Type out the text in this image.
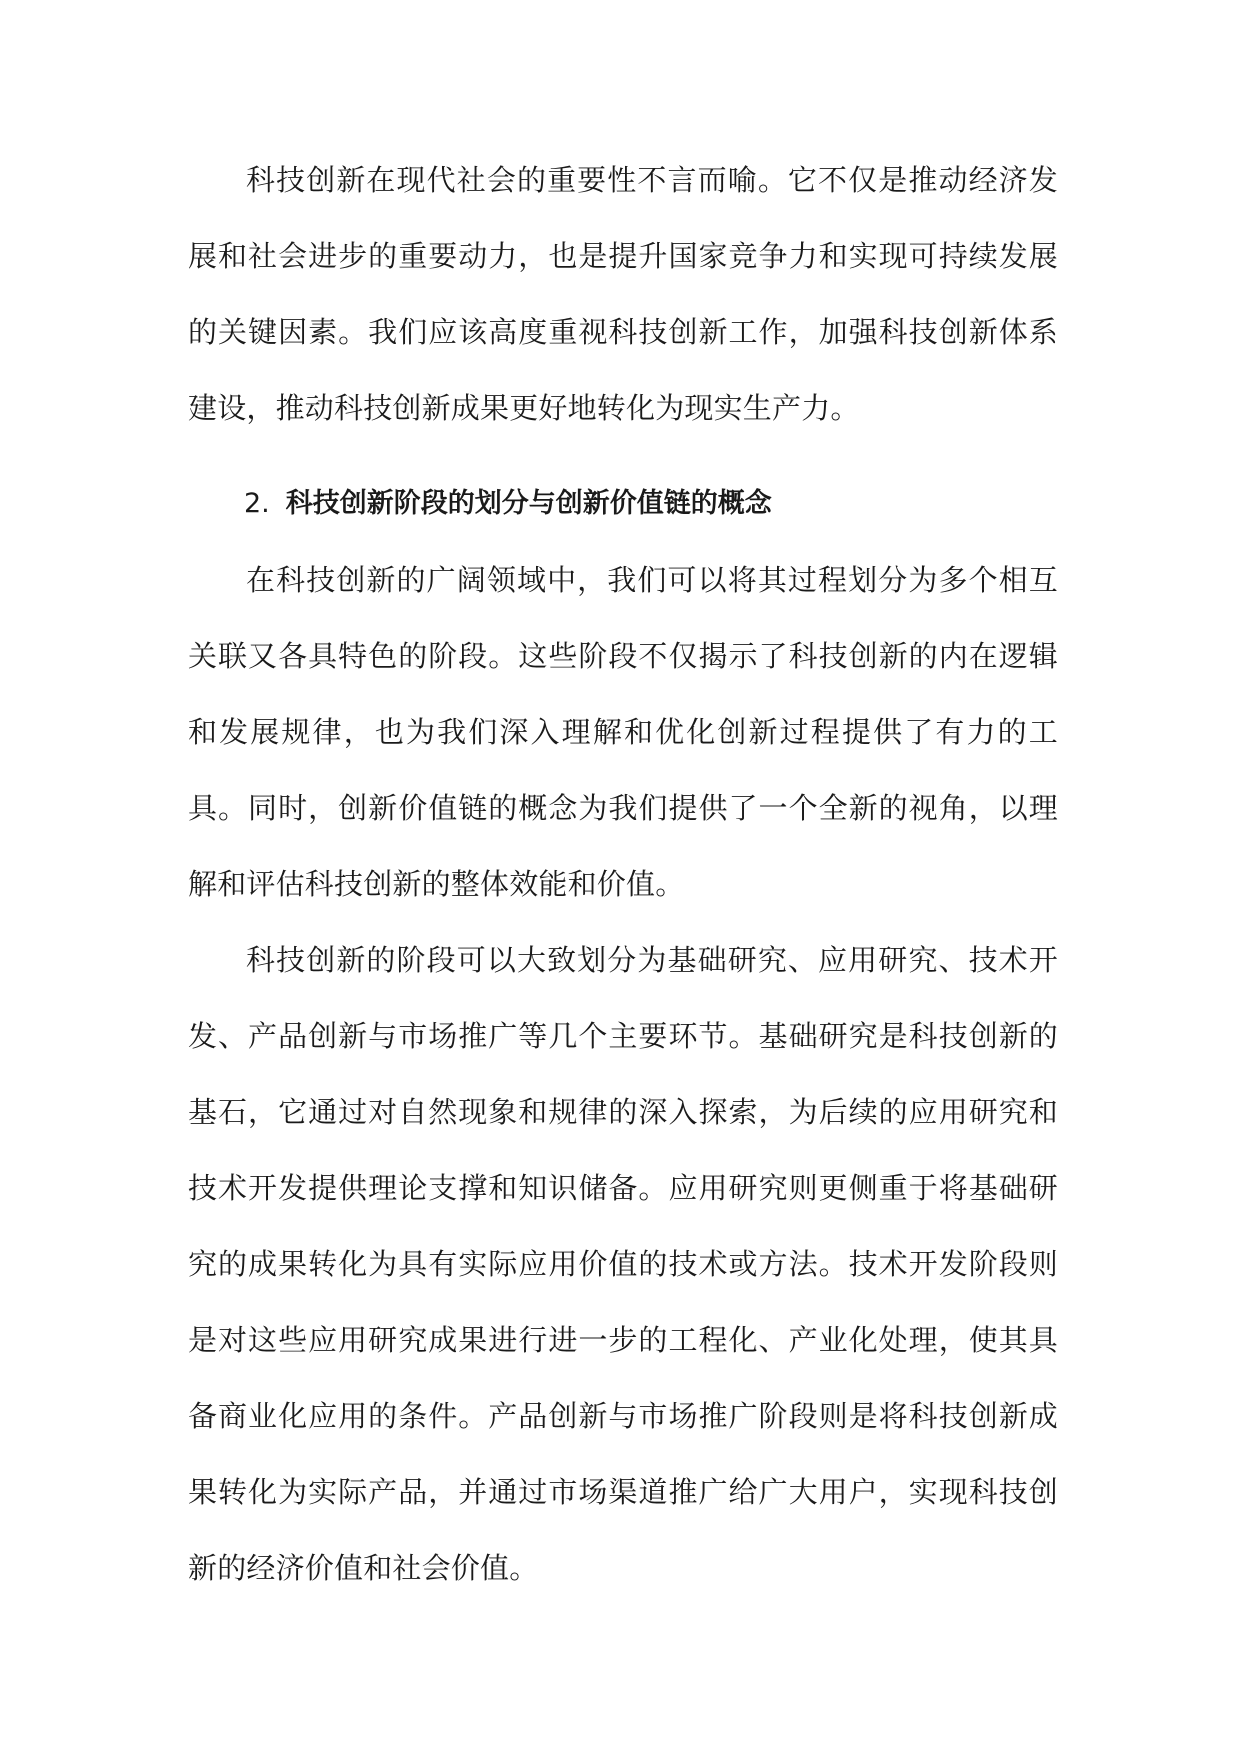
科技创新在现代社会的重要性不言而喻。它不仅是推动经济发展和社会进步的重要动力，也是提升国家竞争力和实现可持续发展的关键因素。我们应该高度重视科技创新工作，加强科技创新体系建设，推动科技创新成果更好地转化为现实生产力。

2. 科技创新阶段的划分与创新价值链的概念

在科技创新的广阔领域中，我们可以将其过程划分为多个相互关联又各具特色的阶段。这些阶段不仅揭示了科技创新的内在逻辑和发展规律，也为我们深入理解和优化创新过程提供了有力的工具。同时，创新价值链的概念为我们提供了一个全新的视角，以理解和评估科技创新的整体效能和价值。

科技创新的阶段可以大致划分为基础研究、应用研究、技术开发、产品创新与市场推广等几个主要环节。基础研究是科技创新的基石，它通过对自然现象和规律的深入探索，为后续的应用研究和技术开发提供理论支撑和知识储备。应用研究则更侧重于将基础研究的成果转化为具有实际应用价值的技术或方法。技术开发阶段则是对这些应用研究成果进行进一步的工程化、产业化处理，使其具备商业化应用的条件。产品创新与市场推广阶段则是将科技创新成果转化为实际产品，并通过市场渠道推广给广大用户，实现科技创新的经济价值和社会价值。
